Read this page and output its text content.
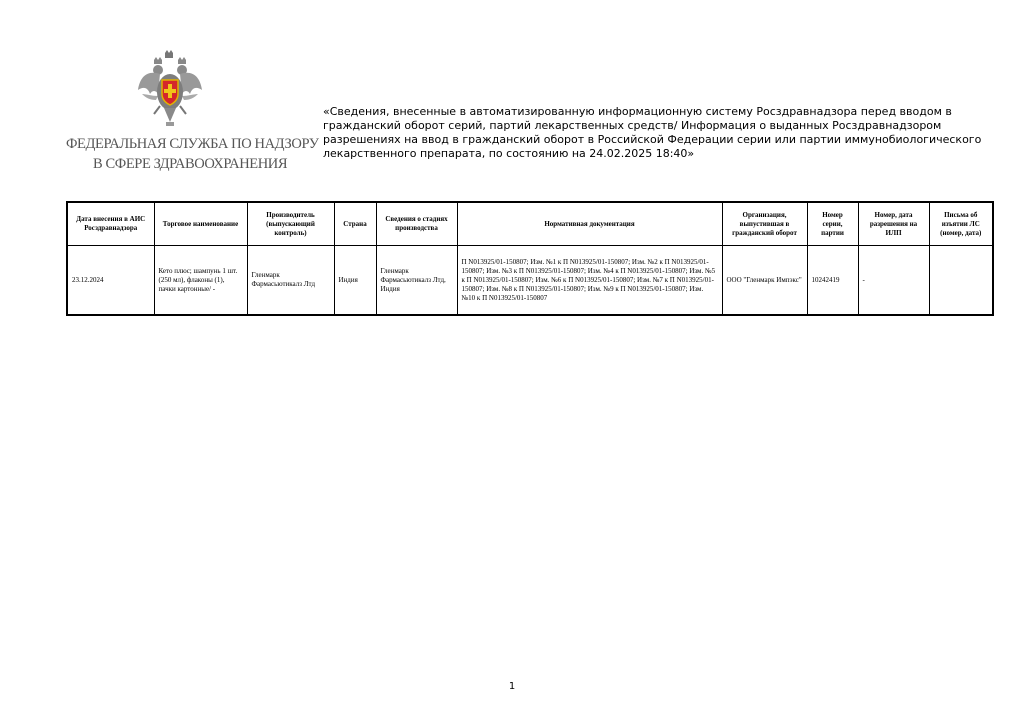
ФЕДЕРАЛЬНАЯ СЛУЖБА ПО НАДЗОРУ
В СФЕРЕ ЗДРАВООХРАНЕНИЯ
«Сведения, внесенные в автоматизированную информационную систему Росздравнадзора перед вводом в гражданский оборот серий, партий лекарственных средств/ Информация о выданных Росздравнадзором разрешениях на ввод в гражданский оборот в Российской Федерации серии или партии иммунобиологического лекарственного препарата, по состоянию на 24.02.2025 18:40»
Дата внесения в АИС Росздравнадзора	Торговое наименование	Производитель (выпускающий контроль)	Страна	Сведения о стадиях производства	Нормативная документация	Организация, выпустившая в гражданский оборот	Номер серии, партии	Номер, дата разрешения на ИЛП	Письма об изъятии ЛС (номер, дата)
23.12.2024	Кето плюс; шампунь 1 шт. (250 мл), флаконы (1), пачки картонные/ -	Гленмарк Фармасьютикалз Лтд	Индия	Гленмарк Фармасьютикалз Лтд, Индия	П N013925/01-150807; Изм. №1 к П N013925/01-150807; Изм. №2 к П N013925/01-150807; Изм. №3 к П N013925/01-150807; Изм. №4 к П N013925/01-150807; Изм. №5 к П N013925/01-150807; Изм. №6 к П N013925/01-150807; Изм. №7 к П N013925/01-150807; Изм. №8 к П N013925/01-150807; Изм. №9 к П N013925/01-150807; Изм. №10 к П N013925/01-150807	ООО "Гленмарк Импэкс"	10242419	-	
1
